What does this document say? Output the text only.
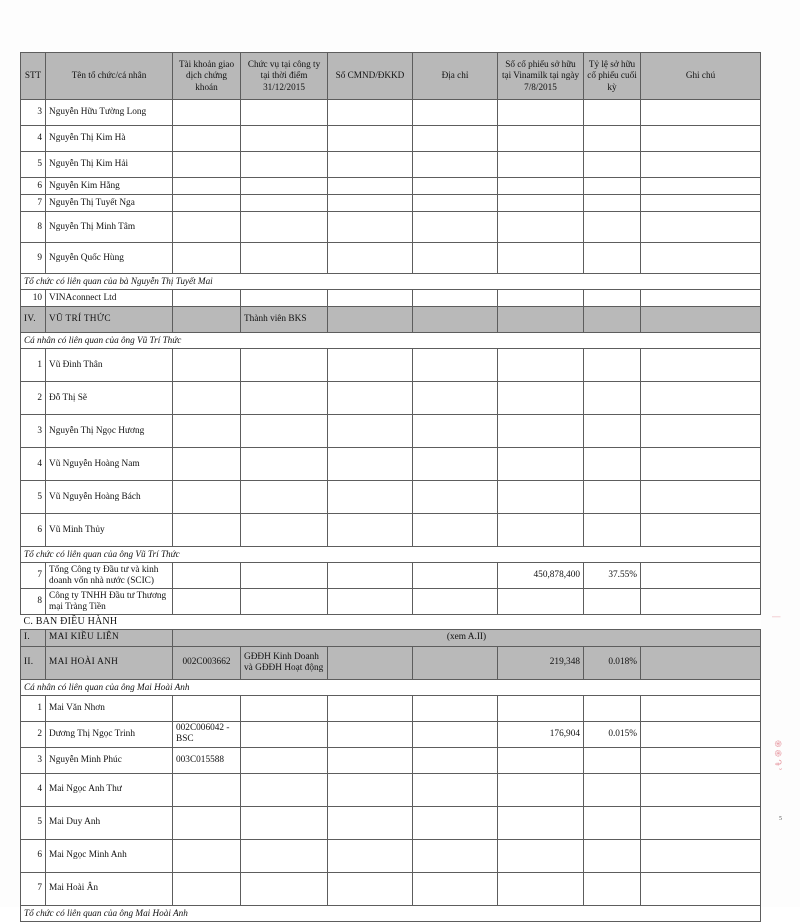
STT	Tên tổ chức/cá nhân	Tài khoản giao dịch chứng khoán	Chức vụ tại công ty tại thời điểm 31/12/2015	Số CMND/ĐKKD	Địa chỉ	Số cổ phiếu sở hữu tại Vinamilk tại ngày 7/8/2015	Tỷ lệ sở hữu cổ phiếu cuối kỳ	Ghi chú
3	Nguyễn Hữu Tường Long							
4	Nguyễn Thị Kim Hà							
5	Nguyễn Thị Kim Hải							
6	Nguyễn Kim Hằng							
7	Nguyễn Thị Tuyết Nga							
8	Nguyễn Thị Minh Tâm							
9	Nguyễn Quốc Hùng							
Tổ chức có liên quan của bà Nguyễn Thị Tuyết Mai								
10	VINAconnect Ltd							
IV.	VŨ TRÍ THỨC		Thành viên BKS					
Cá nhân có liên quan của ông Vũ Trí Thức								
1	Vũ Đình Thân							
2	Đỗ Thị Sẽ							
3	Nguyễn Thị Ngọc Hương							
4	Vũ Nguyễn Hoàng Nam							
5	Vũ Nguyễn Hoàng Bách							
6	Vũ Minh Thủy							
Tổ chức có liên quan của ông Vũ Trí Thức								
7	Tổng Công ty Đầu tư và kinh doanh vốn nhà nước (SCIC)					450,878,400	37.55%	
8	Công ty TNHH Đầu tư Thương mại Tràng Tiền							
C. BAN ĐIỀU HÀNH								
I.	MAI KIỀU LIÊN	(xem A.II)						
II.	MAI HOÀI ANH	002C003662	GĐĐH Kinh Doanh và GĐĐH Hoạt động			219,348	0.018%	
Cá nhân có liên quan của ông Mai Hoài Anh								
1	Mai Văn Nhơn							
2	Dương Thị Ngọc Trinh	002C006042 - BSC				176,904	0.015%	
3	Nguyễn Minh Phúc	003C015588						
4	Mai Ngọc Anh Thư							
5	Mai Duy Anh							
6	Mai Ngọc Minh Anh							
7	Mai Hoài Ân							
Tổ chức có liên quan của ông Mai Hoài Anh								
|
֍ ֎ ֏ ՚
5
